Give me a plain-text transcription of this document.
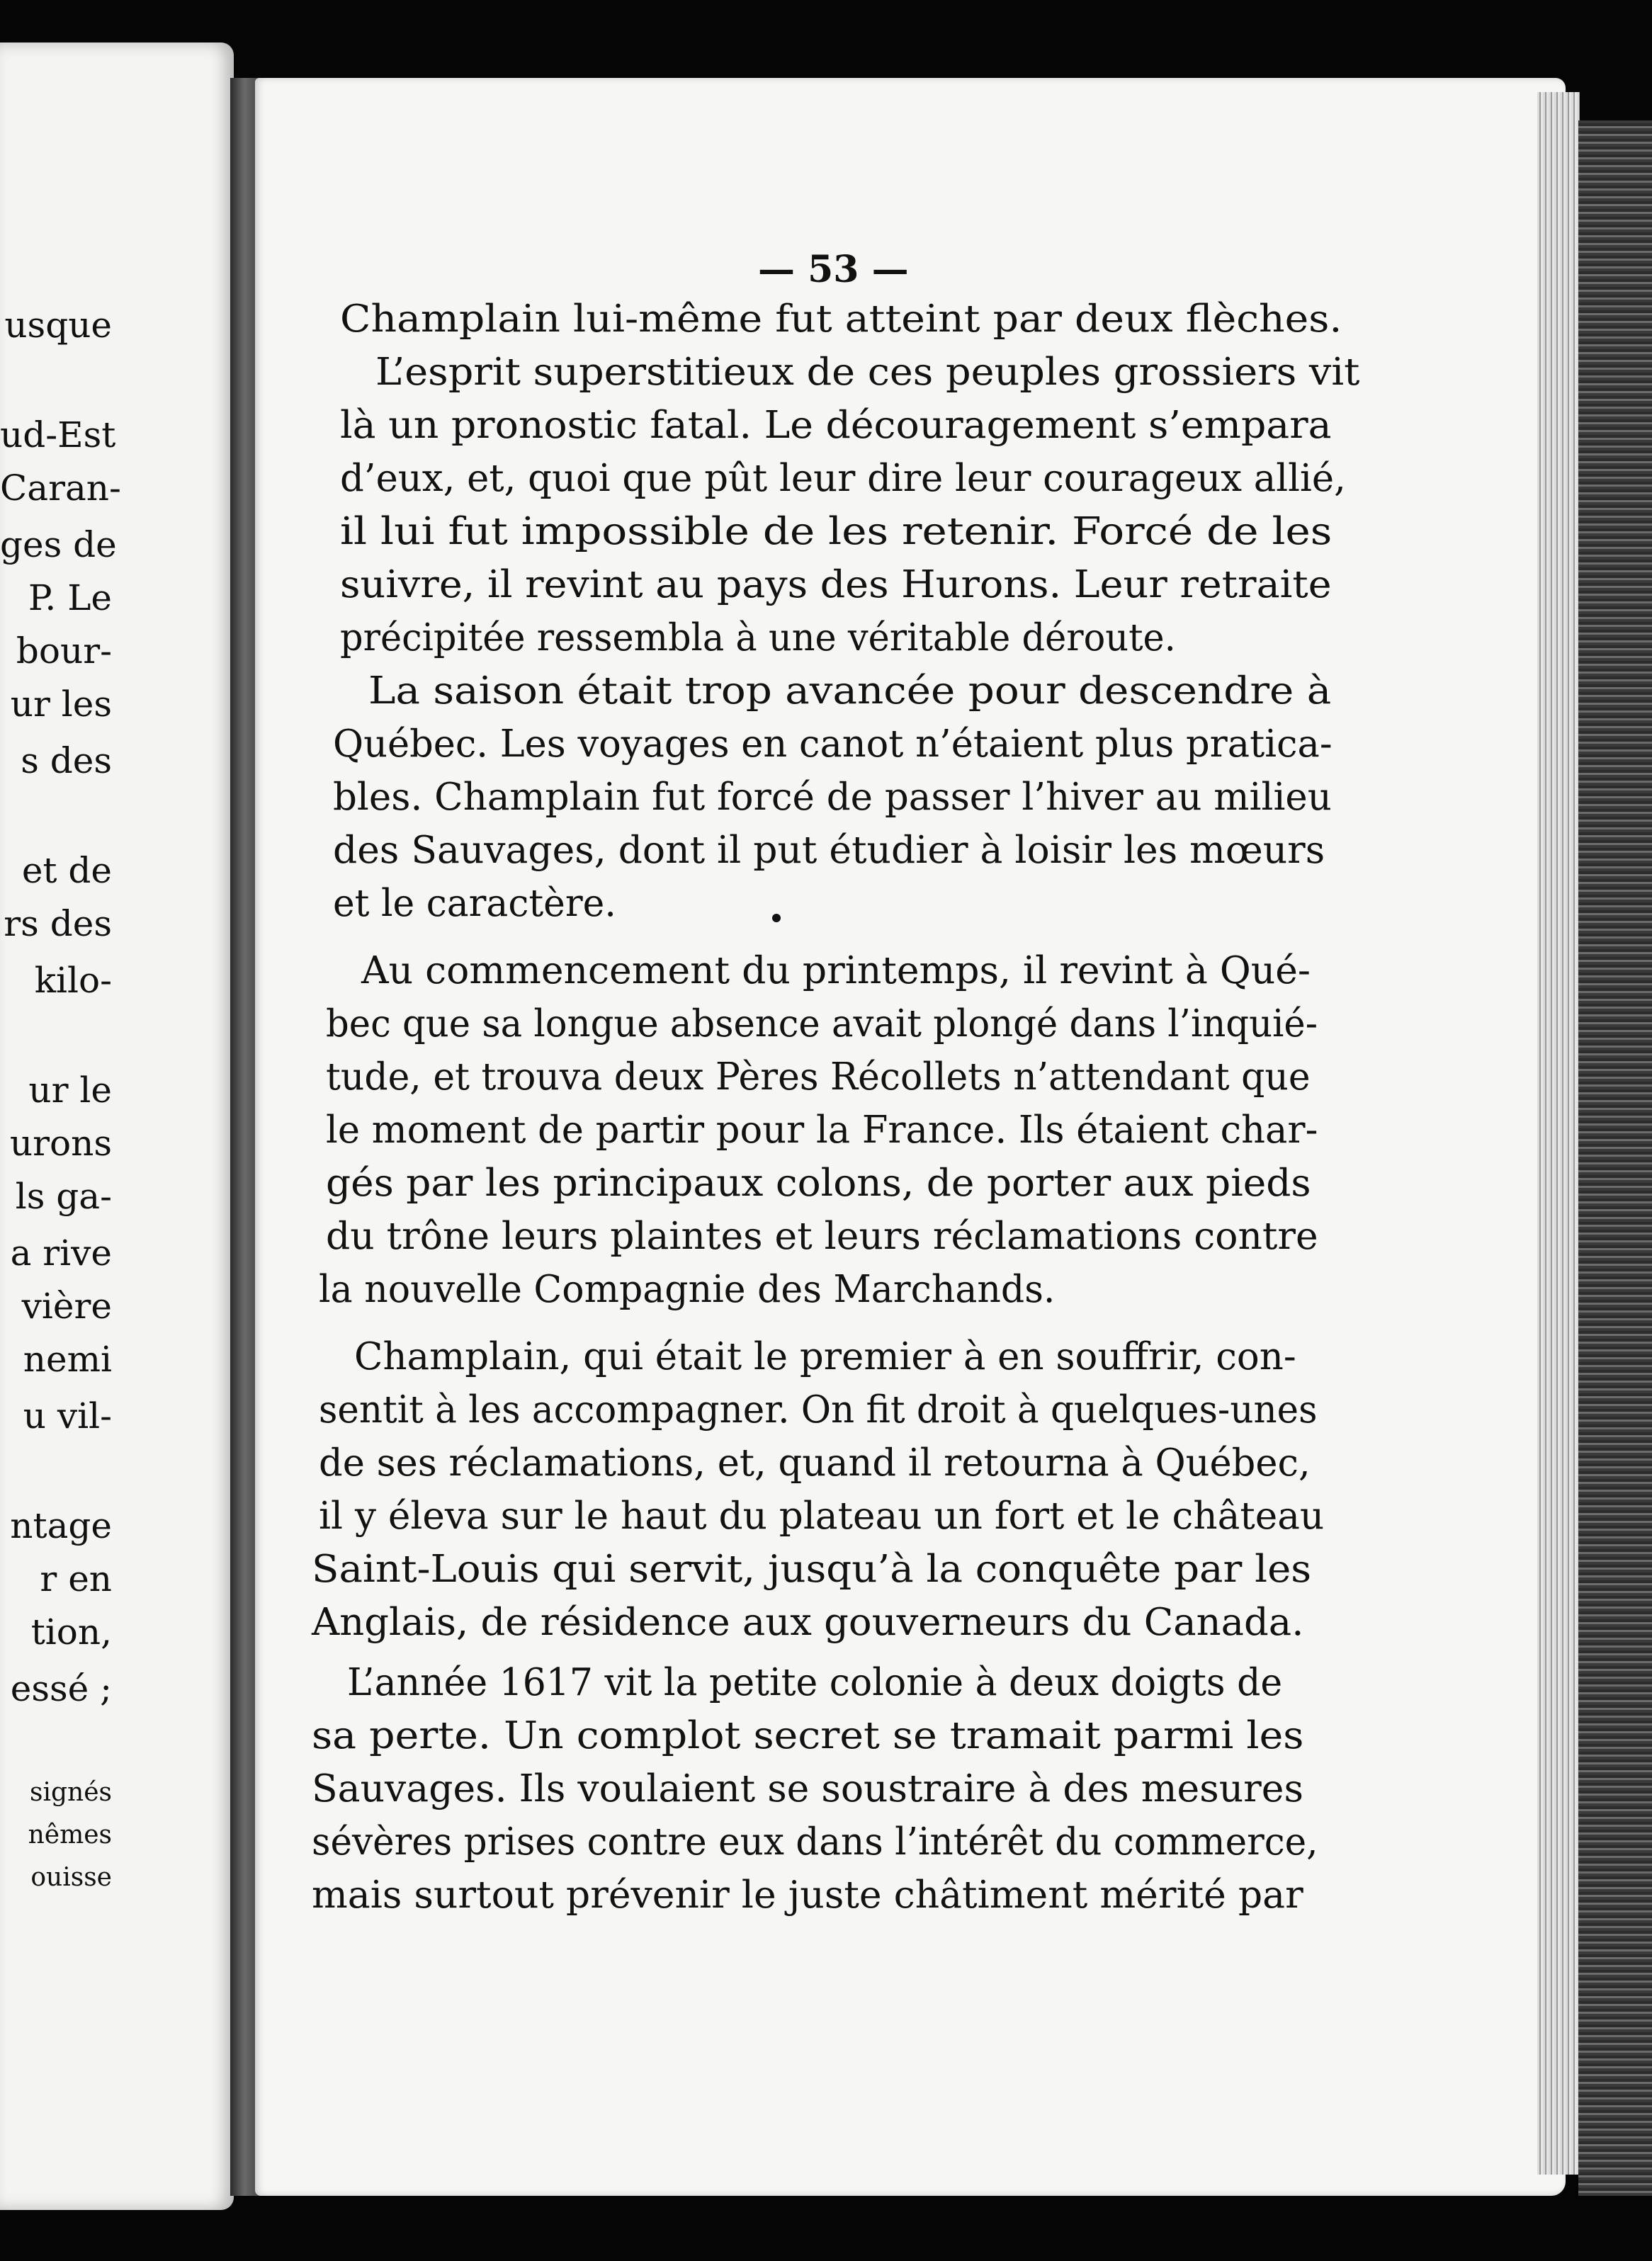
usque
ud-Est
Caran-
ges de
P. Le
bour-
ur les
s des
et de
rs des
kilo-
ur le
urons
ls ga-
a rive
vière
nemi
u vil-
ntage
r en
tion,
essé ;
signés
nêmes
ouisse
— 53 —
Champlain lui-même fut atteint par deux flèches.
L’esprit superstitieux de ces peuples grossiers vit
là un pronostic fatal. Le découragement s’empara
d’eux, et, quoi que pût leur dire leur courageux allié,
il lui fut impossible de les retenir. Forcé de les
suivre, il revint au pays des Hurons. Leur retraite
précipitée ressembla à une véritable déroute.
La saison était trop avancée pour descendre à
Québec. Les voyages en canot n’étaient plus pratica-
bles. Champlain fut forcé de passer l’hiver au milieu
des Sauvages, dont il put étudier à loisir les mœurs
et le caractère.
Au commencement du printemps, il revint à Qué-
bec que sa longue absence avait plongé dans l’inquié-
tude, et trouva deux Pères Récollets n’attendant que
le moment de partir pour la France. Ils étaient char-
gés par les principaux colons, de porter aux pieds
du trône leurs plaintes et leurs réclamations contre
la nouvelle Compagnie des Marchands.
Champlain, qui était le premier à en souffrir, con-
sentit à les accompagner. On fit droit à quelques-unes
de ses réclamations, et, quand il retourna à Québec,
il y éleva sur le haut du plateau un fort et le château
Saint-Louis qui servit, jusqu’à la conquête par les
Anglais, de résidence aux gouverneurs du Canada.
L’année 1617 vit la petite colonie à deux doigts de
sa perte. Un complot secret se tramait parmi les
Sauvages. Ils voulaient se soustraire à des mesures
sévères prises contre eux dans l’intérêt du commerce,
mais surtout prévenir le juste châtiment mérité par
